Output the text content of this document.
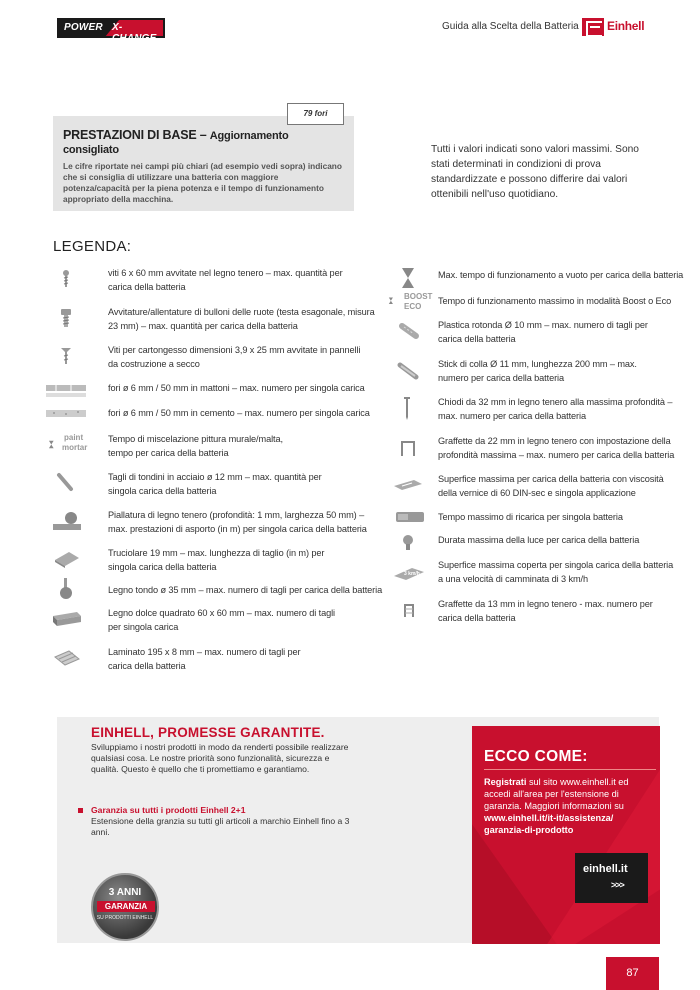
POWER X-CHANGE
Guida alla Scelta della Batteria Einhell
79 fori
PRESTAZIONI DI BASE – Aggiornamento consigliato

Le cifre riportate nei campi più chiari (ad esempio vedi sopra) indicano che si consiglia di utilizzare una batteria con maggiore potenza/capacità per la piena potenza e il tempo di funzionamento appropriato della macchina.

Tutti i valori indicati sono valori massimi. Sono stati determinati in condizioni di prova standardizzate e possono differire dai valori ottenibili nell'uso quotidiano.
LEGENDA:
viti 6 x 60 mm avvitate nel legno tenero – max. quantità per carica della batteria
Avvitature/allentature di bulloni delle ruote (testa esagonale, misura 23 mm) – max. quantità per carica della batteria
Viti per cartongesso dimensioni 3,9 x 25 mm avvitate in pannelli da costruzione a secco
fori ø 6 mm / 50 mm in mattoni – max. numero per singola carica
fori ø 6 mm / 50 mm in cemento – max. numero per singola carica
paint
mortar
Tempo di miscelazione pittura murale/malta, tempo per carica della batteria
Tagli di tondini in acciaio ø 12 mm – max. quantità per singola carica della batteria
Piallatura di legno tenero (profondità: 1 mm, larghezza 50 mm) – max. prestazioni di asporto (in m) per singola carica della batteria
Truciolare 19 mm – max. lunghezza di taglio (in m) per singola carica della batteria
Legno tondo ø 35 mm – max. numero di tagli per carica della batteria
Legno dolce quadrato 60 x 60 mm – max. numero di tagli per singola carica
Laminato 195 x 8 mm – max. numero di tagli per carica della batteria
Max. tempo di funzionamento a vuoto per carica della batteria
BOOST
ECO
Tempo di funzionamento massimo in modalità Boost o Eco
Plastica rotonda Ø 10 mm – max. numero di tagli per carica della batteria
Stick di colla Ø 11 mm, lunghezza 200 mm – max. numero per carica della batteria
Chiodi da 32 mm in legno tenero alla massima profondità – max. numero per carica della batteria
Graffette da 22 mm in legno tenero con impostazione della profondità massima – max. numero per carica della batteria
Superfice massima per carica della batteria con viscosità della vernice di 60 DIN-sec e singola applicazione
Tempo massimo di ricarica per singola batteria
Durata massima della luce per carica della batteria
3 km/h
Superfice massima coperta per singola carica della batteria a una velocità di camminata di 3 km/h
Graffette da 13 mm in legno tenero - max. numero per carica della batteria
EINHELL, PROMESSE GARANTITE.
Sviluppiamo i nostri prodotti in modo da renderti possibile realizzare qualsiasi cosa. Le nostre priorità sono funzionalità, sicurezza e qualità. Questo è quello che ti promettiamo e garantiamo.
Garanzia su tutti i prodotti Einhell 2+1
Estensione della granzia su tutti gli articoli a marchio Einhell fino a 3 anni.
3 ANNI
GARANZIA
SU PRODOTTI EINHELL
ECCO COME:
Registrati sul sito www.einhell.it ed accedi all'area per l'estensione di garanzia. Maggiori informazioni su www.einhell.it/it-it/assistenza/ garanzia-di-prodotto
einhell.it
>>>
87
